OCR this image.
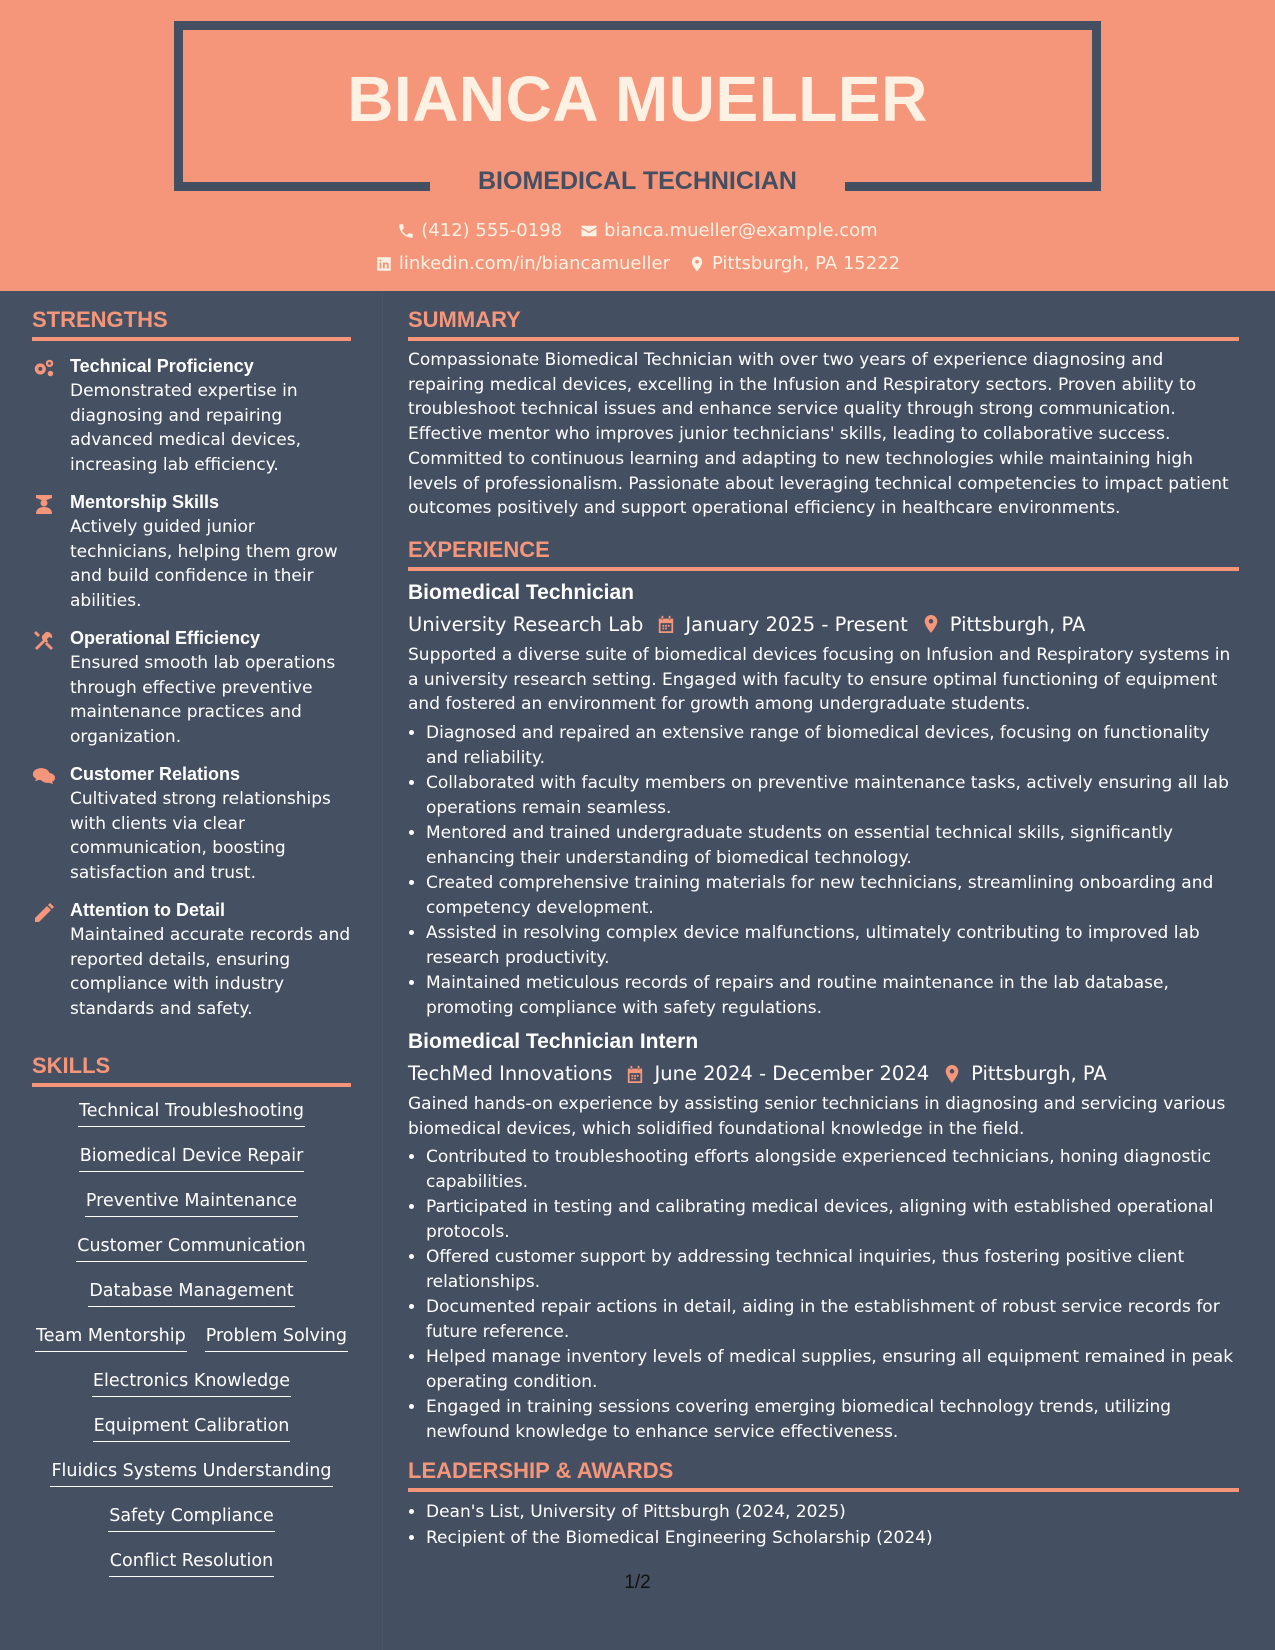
BIANCA MUELLER
BIOMEDICAL TECHNICIAN
(412) 555-0198 bianca.mueller@example.com
linkedin.com/in/biancamueller Pittsburgh, PA 15222
STRENGTHS
Technical Proficiency
Demonstrated expertise in diagnosing and repairing advanced medical devices, increasing lab efficiency.
Mentorship Skills
Actively guided junior technicians, helping them grow and build confidence in their abilities.
Operational Efficiency
Ensured smooth lab operations through effective preventive maintenance practices and organization.
Customer Relations
Cultivated strong relationships with clients via clear communication, boosting satisfaction and trust.
Attention to Detail
Maintained accurate records and reported details, ensuring compliance with industry standards and safety.
SKILLS
Technical Troubleshooting
Biomedical Device Repair
Preventive Maintenance
Customer Communication
Database Management
Team Mentorship Problem Solving
Electronics Knowledge
Equipment Calibration
Fluidics Systems Understanding
Safety Compliance
Conflict Resolution
SUMMARY
Compassionate Biomedical Technician with over two years of experience diagnosing and repairing medical devices, excelling in the Infusion and Respiratory sectors. Proven ability to troubleshoot technical issues and enhance service quality through strong communication. Effective mentor who improves junior technicians' skills, leading to collaborative success. Committed to continuous learning and adapting to new technologies while maintaining high levels of professionalism. Passionate about leveraging technical competencies to impact patient outcomes positively and support operational efficiency in healthcare environments.
EXPERIENCE
Biomedical Technician
University Research Lab January 2025 - Present Pittsburgh, PA
Supported a diverse suite of biomedical devices focusing on Infusion and Respiratory systems in a university research setting. Engaged with faculty to ensure optimal functioning of equipment and fostered an environment for growth among undergraduate students.
• Diagnosed and repaired an extensive range of biomedical devices, focusing on functionality and reliability.
• Collaborated with faculty members on preventive maintenance tasks, actively ensuring all lab operations remain seamless.
• Mentored and trained undergraduate students on essential technical skills, significantly enhancing their understanding of biomedical technology.
• Created comprehensive training materials for new technicians, streamlining onboarding and competency development.
• Assisted in resolving complex device malfunctions, ultimately contributing to improved lab research productivity.
• Maintained meticulous records of repairs and routine maintenance in the lab database, promoting compliance with safety regulations.
Biomedical Technician Intern
TechMed Innovations June 2024 - December 2024 Pittsburgh, PA
Gained hands-on experience by assisting senior technicians in diagnosing and servicing various biomedical devices, which solidified foundational knowledge in the field.
• Contributed to troubleshooting efforts alongside experienced technicians, honing diagnostic capabilities.
• Participated in testing and calibrating medical devices, aligning with established operational protocols.
• Offered customer support by addressing technical inquiries, thus fostering positive client relationships.
• Documented repair actions in detail, aiding in the establishment of robust service records for future reference.
• Helped manage inventory levels of medical supplies, ensuring all equipment remained in peak operating condition.
• Engaged in training sessions covering emerging biomedical technology trends, utilizing newfound knowledge to enhance service effectiveness.
LEADERSHIP & AWARDS
• Dean's List, University of Pittsburgh (2024, 2025)
• Recipient of the Biomedical Engineering Scholarship (2024)
1/2
